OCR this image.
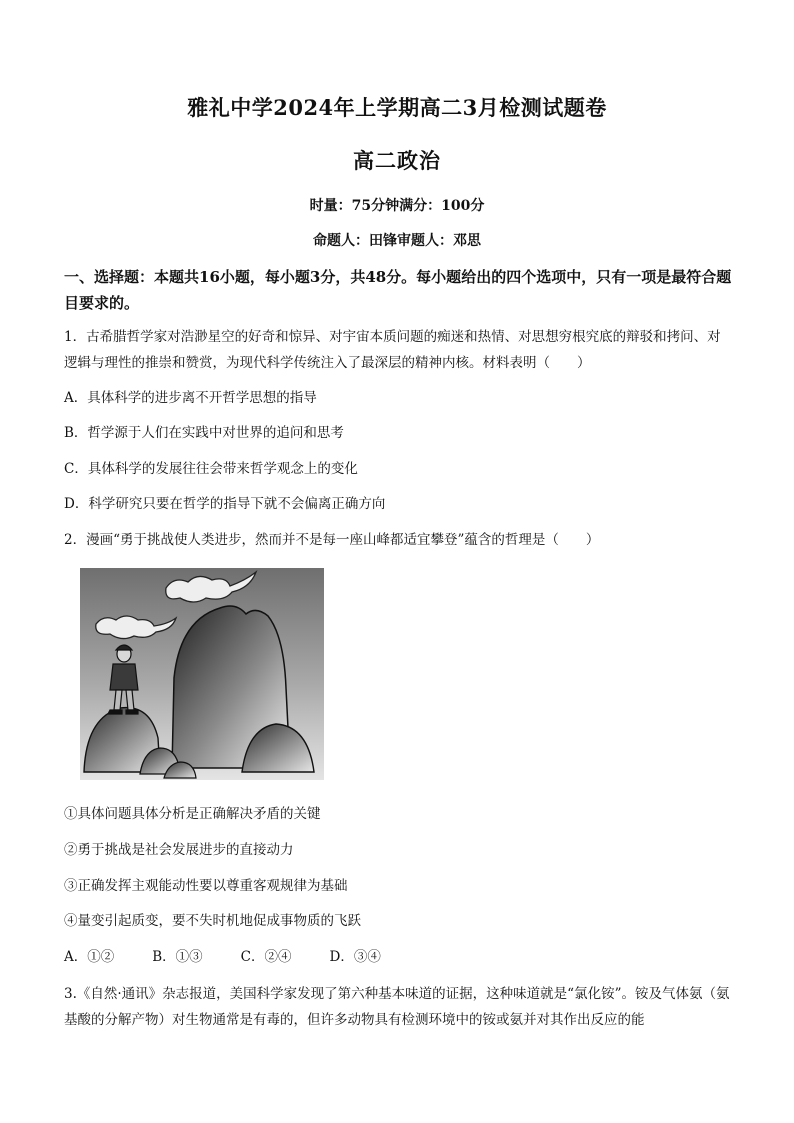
雅礼中学2024年上学期高二3月检测试题卷
高二政治
时量：75分钟满分：100分
命题人：田锋审题人：邓思
一、选择题：本题共16小题，每小题3分，共48分。每小题给出的四个选项中，只有一项是最符合题目要求的。
1．古希腊哲学家对浩渺星空的好奇和惊异、对宇宙本质问题的痴迷和热情、对思想穷根究底的辩驳和拷问、对逻辑与理性的推崇和赞赏，为现代科学传统注入了最深层的精神内核。材料表明（　　）
A．具体科学的进步离不开哲学思想的指导
B．哲学源于人们在实践中对世界的追问和思考
C．具体科学的发展往往会带来哲学观念上的变化
D．科学研究只要在哲学的指导下就不会偏离正确方向
2．漫画“勇于挑战使人类进步，然而并不是每一座山峰都适宜攀登”蕴含的哲理是（　　）
①具体问题具体分析是正确解决矛盾的关键
②勇于挑战是社会发展进步的直接动力
③正确发挥主观能动性要以尊重客观规律为基础
④量变引起质变，要不失时机地促成事物质的飞跃
A．①②	B．①③	C．②④	D．③④
3.《自然·通讯》杂志报道，美国科学家发现了第六种基本味道的证据，这种味道就是“氯化铵”。铵及气体氨（氨基酸的分解产物）对生物通常是有毒的，但许多动物具有检测环境中的铵或氨并对其作出反应的能
